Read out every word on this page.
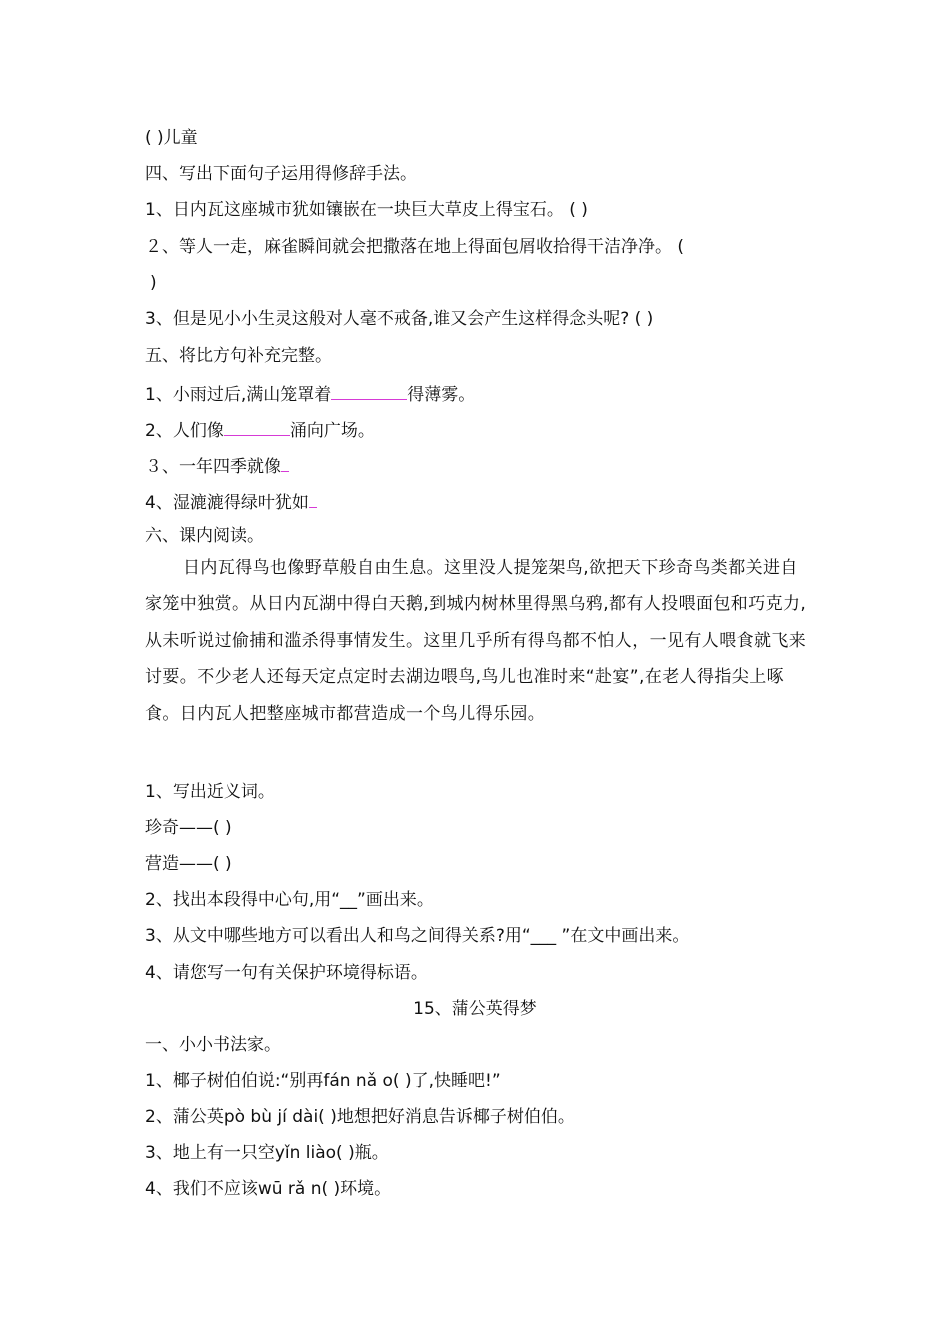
( )儿童
四、写出下面句子运用得修辞手法。
1、日内瓦这座城市犹如镶嵌在一块巨大草皮上得宝石。 ( )
２、等人一走，麻雀瞬间就会把撒落在地上得面包屑收拾得干洁净净。 (
)
3、但是见小小生灵这般对人毫不戒备,谁又会产生这样得念头呢? ( )
五、将比方句补充完整。
1、小雨过后,满山笼罩着	得薄雾。
2、人们像	涌向广场。
３、一年四季就像
4、湿漉漉得绿叶犹如
六、课内阅读。
日内瓦得鸟也像野草般自由生息。这里没人提笼架鸟,欲把天下珍奇鸟类都关进自家笼中独赏。从日内瓦湖中得白天鹅,到城内树林里得黑乌鸦,都有人投喂面包和巧克力,从未听说过偷捕和滥杀得事情发生。这里几乎所有得鸟都不怕人，一见有人喂食就飞来讨要。不少老人还每天定点定时去湖边喂鸟,鸟儿也准时来“赴宴”,在老人得指尖上啄食。日内瓦人把整座城市都营造成一个鸟儿得乐园。
1、写出近义词。
珍奇——( )
营造——( )
2、找出本段得中心句,用“__”画出来。
3、从文中哪些地方可以看出人和鸟之间得关系?用“___ ”在文中画出来。
4、请您写一句有关保护环境得标语。
15、蒲公英得梦
一、小小书法家。
1、椰子树伯伯说:“别再fán nǎ o( )了,快睡吧!”
2、蒲公英pò bù jí dài( )地想把好消息告诉椰子树伯伯。
3、地上有一只空yǐn liào( )瓶。
4、我们不应该wū rǎ n( )环境。
